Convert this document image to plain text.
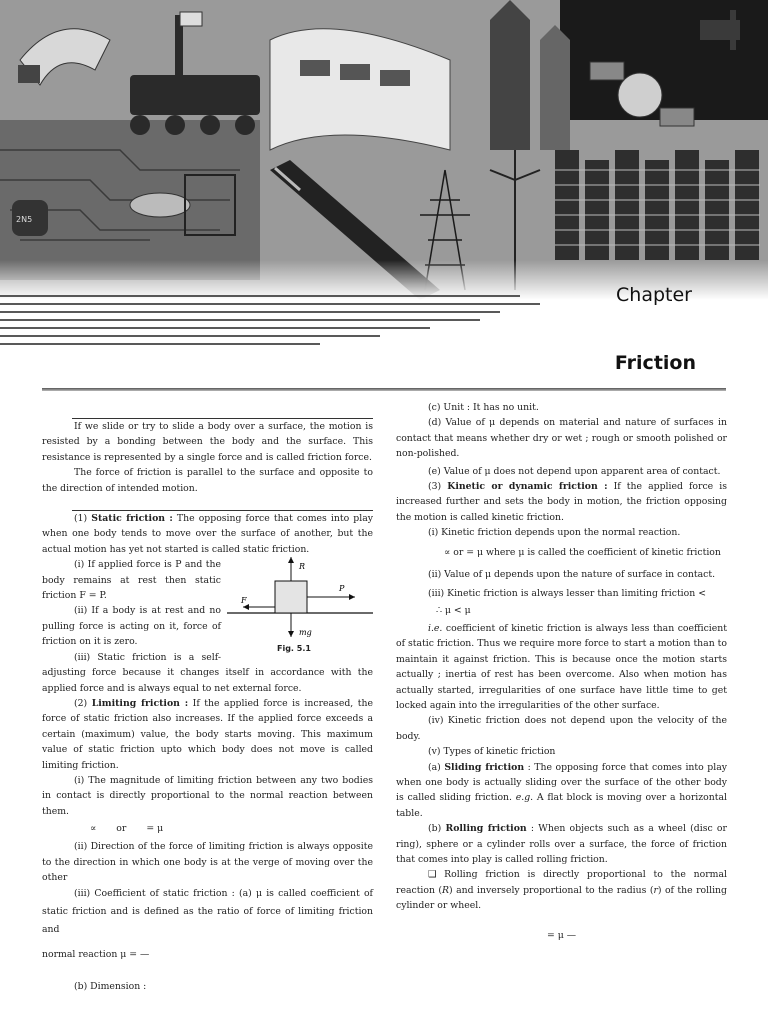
2N5
Chapter
Friction

If we slide or try to slide a body over a surface, the motion is resisted by a bonding between the body and the surface. This resistance is represented by a single force and is called friction force.

The force of friction is parallel to the surface and opposite to the direction of intended motion.

(1) Static friction : The opposing force that comes into play when one body tends to move over the surface of another, but the actual motion has yet not started is called static friction.

R
P
F
mg
Fig. 5.1

(i) If applied force is P and the body remains at rest then static friction F = P.

(ii) If a body is at rest and no pulling force is acting on it, force of friction on it is zero.

(iii) Static friction is a self-adjusting force because it changes itself in accordance with the applied force and is always equal to net external force.

(2) Limiting friction : If the applied force is increased, the force of static friction also increases. If the applied force exceeds a certain (maximum) value, the body starts moving. This maximum value of static friction upto which body does not move is called limiting friction.

(i) The magnitude of limiting friction between any two bodies in contact is directly proportional to the normal reaction between them.

∝ or = μ

(ii) Direction of the force of limiting friction is always opposite to the direction in which one body is at the verge of moving over the other

(iii) Coefficient of static friction : (a) μ is called coefficient of static friction and is defined as the ratio of force of limiting friction and

normal reaction μ = —

(b) Dimension :

(c) Unit : It has no unit.

(d) Value of μ depends on material and nature of surfaces in contact that means whether dry or wet ; rough or smooth polished or non-polished.

(e) Value of μ does not depend upon apparent area of contact.

(3) Kinetic or dynamic friction : If the applied force is increased further and sets the body in motion, the friction opposing the motion is called kinetic friction.

(i) Kinetic friction depends upon the normal reaction.

∝ or = μ where μ is called the coefficient of kinetic friction

(ii) Value of μ depends upon the nature of surface in contact.

(iii) Kinetic friction is always lesser than limiting friction <

∴ μ < μ

i.e. coefficient of kinetic friction is always less than coefficient of static friction. Thus we require more force to start a motion than to maintain it against friction. This is because once the motion starts actually ; inertia of rest has been overcome. Also when motion has actually started, irregularities of one surface have little time to get locked again into the irregularities of the other surface.

(iv) Kinetic friction does not depend upon the velocity of the body.

(v) Types of kinetic friction

(a) Sliding friction : The opposing force that comes into play when one body is actually sliding over the surface of the other body is called sliding friction. e.g. A flat block is moving over a horizontal table.

(b) Rolling friction : When objects such as a wheel (disc or ring), sphere or a cylinder rolls over a surface, the force of friction that comes into play is called rolling friction.

❑ Rolling friction is directly proportional to the normal reaction (R) and inversely proportional to the radius (r) of the rolling cylinder or wheel.

= μ —
